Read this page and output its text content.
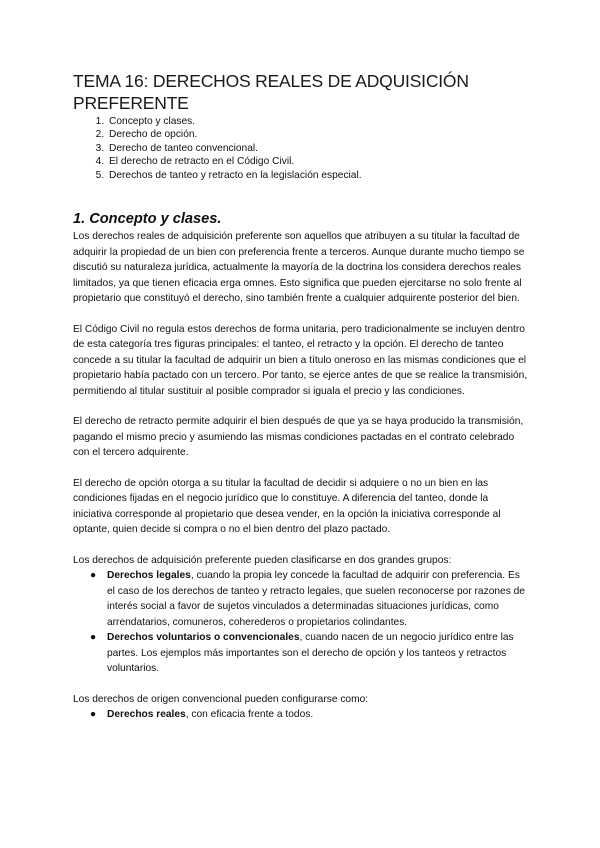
TEMA 16: DERECHOS REALES DE ADQUISICIÓN PREFERENTE
1. Concepto y clases.
2. Derecho de opción.
3. Derecho de tanteo convencional.
4. El derecho de retracto en el Código Civil.
5. Derechos de tanteo y retracto en la legislación especial.
1. Concepto y clases.

Los derechos reales de adquisición preferente son aquellos que atribuyen a su titular la facultad de adquirir la propiedad de un bien con preferencia frente a terceros. Aunque durante mucho tiempo se discutió su naturaleza jurídica, actualmente la mayoría de la doctrina los considera derechos reales limitados, ya que tienen eficacia erga omnes. Esto significa que pueden ejercitarse no solo frente al propietario que constituyó el derecho, sino también frente a cualquier adquirente posterior del bien.

El Código Civil no regula estos derechos de forma unitaria, pero tradicionalmente se incluyen dentro de esta categoría tres figuras principales: el tanteo, el retracto y la opción. El derecho de tanteo concede a su titular la facultad de adquirir un bien a título oneroso en las mismas condiciones que el propietario había pactado con un tercero. Por tanto, se ejerce antes de que se realice la transmisión, permitiendo al titular sustituir al posible comprador si iguala el precio y las condiciones.

El derecho de retracto permite adquirir el bien después de que ya se haya producido la transmisión, pagando el mismo precio y asumiendo las mismas condiciones pactadas en el contrato celebrado con el tercero adquirente.

El derecho de opción otorga a su titular la facultad de decidir si adquiere o no un bien en las condiciones fijadas en el negocio jurídico que lo constituye. A diferencia del tanteo, donde la iniciativa corresponde al propietario que desea vender, en la opción la iniciativa corresponde al optante, quien decide si compra o no el bien dentro del plazo pactado.

Los derechos de adquisición preferente pueden clasificarse en dos grandes grupos:

● Derechos legales, cuando la propia ley concede la facultad de adquirir con preferencia. Es el caso de los derechos de tanteo y retracto legales, que suelen reconocerse por razones de interés social a favor de sujetos vinculados a determinadas situaciones jurídicas, como arrendatarios, comuneros, coherederos o propietarios colindantes.
● Derechos voluntarios o convencionales, cuando nacen de un negocio jurídico entre las partes. Los ejemplos más importantes son el derecho de opción y los tanteos y retractos voluntarios.

Los derechos de origen convencional pueden configurarse como:

● Derechos reales, con eficacia frente a todos.
